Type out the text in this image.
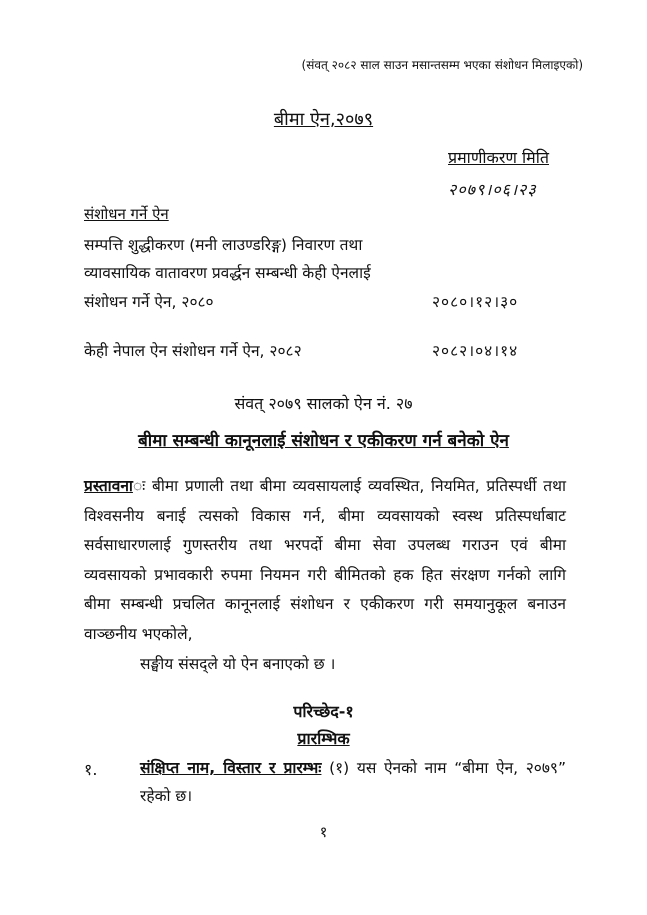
(संवत् २०८२ साल साउन मसान्तसम्म भएका संशोधन मिलाइएको)
बीमा ऐन,२०७९
प्रमाणीकरण मिति
२०७९।०६।२३
संशोधन गर्ने ऐन
सम्पत्ति शुद्धीकरण (मनी लाउण्डरिङ्ग) निवारण तथा
व्यावसायिक वातावरण प्रवर्द्धन सम्बन्धी केही ऐनलाई
संशोधन गर्ने ऐन, २०८०	२०८०।१२।३०
केही नेपाल ऐन संशोधन गर्ने ऐन, २०८२	२०८२।०४।१४
संवत् २०७९ सालको ऐन नं. २७
बीमा सम्बन्धी कानूनलाई संशोधन र एकीकरण गर्न बनेको ऐन
प्रस्तावनाः बीमा प्रणाली तथा बीमा व्यवसायलाई व्यवस्थित, नियमित, प्रतिस्पर्धी तथा विश्वसनीय बनाई त्यसको विकास गर्न, बीमा व्यवसायको स्वस्थ प्रतिस्पर्धाबाट सर्वसाधारणलाई गुणस्तरीय तथा भरपर्दो बीमा सेवा उपलब्ध गराउन एवं बीमा व्यवसायको प्रभावकारी रुपमा नियमन गरी बीमितको हक हित संरक्षण गर्नको लागि बीमा सम्बन्धी प्रचलित कानूनलाई संशोधन र एकीकरण गरी समयानुकूल बनाउन वाञ्छनीय भएकोले,
सङ्घीय संसद्ले यो ऐन बनाएको छ ।
परिच्छेद-१
प्रारम्भिक
१.	संक्षिप्त नाम, विस्तार र प्रारम्भः (१) यस ऐनको नाम “बीमा ऐन, २०७९” रहेको छ।
१
